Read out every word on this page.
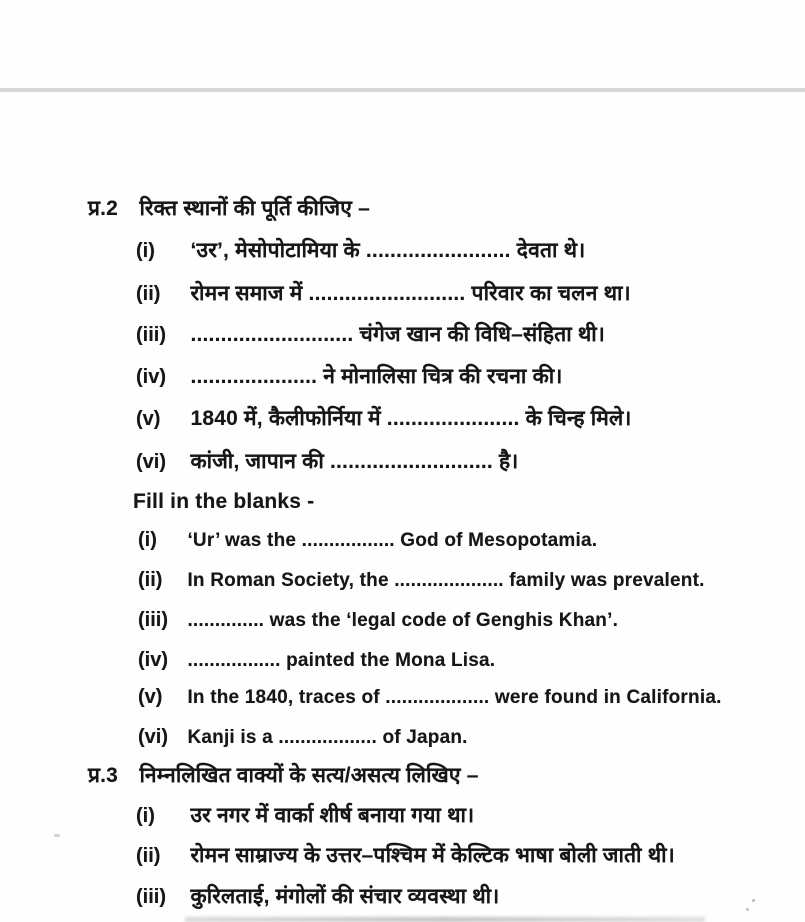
प्र.2 रिक्त स्थानों की पूर्ति कीजिए –
(i) ‘उर’, मेसोपोटामिया के ........................ देवता थे।
(ii) रोमन समाज में .......................... परिवार का चलन था।
(iii) ........................... चंगेज खान की विधि–संहिता थी।
(iv) ..................... ने मोनालिसा चित्र की रचना की।
(v) 1840 में, कैलीफोर्निया में ...................... के चिन्ह मिले।
(vi) कांजी, जापान की ........................... है।
Fill in the blanks -
(i) ‘Ur’ was the ................. God of Mesopotamia.
(ii) In Roman Society, the .................... family was prevalent.
(iii) .............. was the ‘legal code of Genghis Khan’.
(iv) ................. painted the Mona Lisa.
(v) In the 1840, traces of ................... were found in California.
(vi) Kanji is a .................. of Japan.
प्र.3 निम्नलिखित वाक्यों के सत्य/असत्य लिखिए –
(i) उर नगर में वार्का शीर्ष बनाया गया था।
(ii) रोमन साम्राज्य के उत्तर–पश्चिम में केल्टिक भाषा बोली जाती थी।
(iii) कुरिलताई, मंगोलों की संचार व्यवस्था थी।
